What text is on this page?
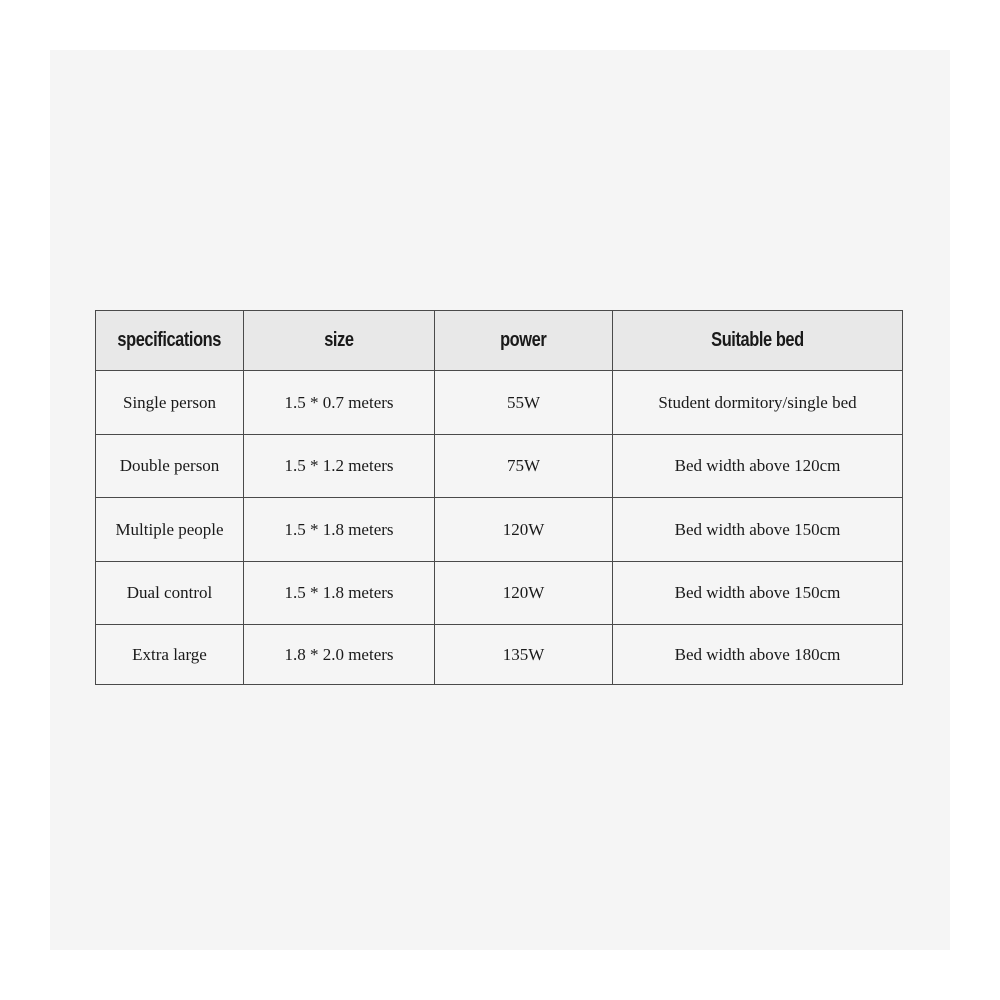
specifications	size	power	Suitable bed
Single person	1.5 * 0.7 meters	55W	Student dormitory/single bed
Double person	1.5 * 1.2 meters	75W	Bed width above 120cm
Multiple people	1.5 * 1.8 meters	120W	Bed width above 150cm
Dual control	1.5 * 1.8 meters	120W	Bed width above 150cm
Extra large	1.8 * 2.0 meters	135W	Bed width above 180cm
